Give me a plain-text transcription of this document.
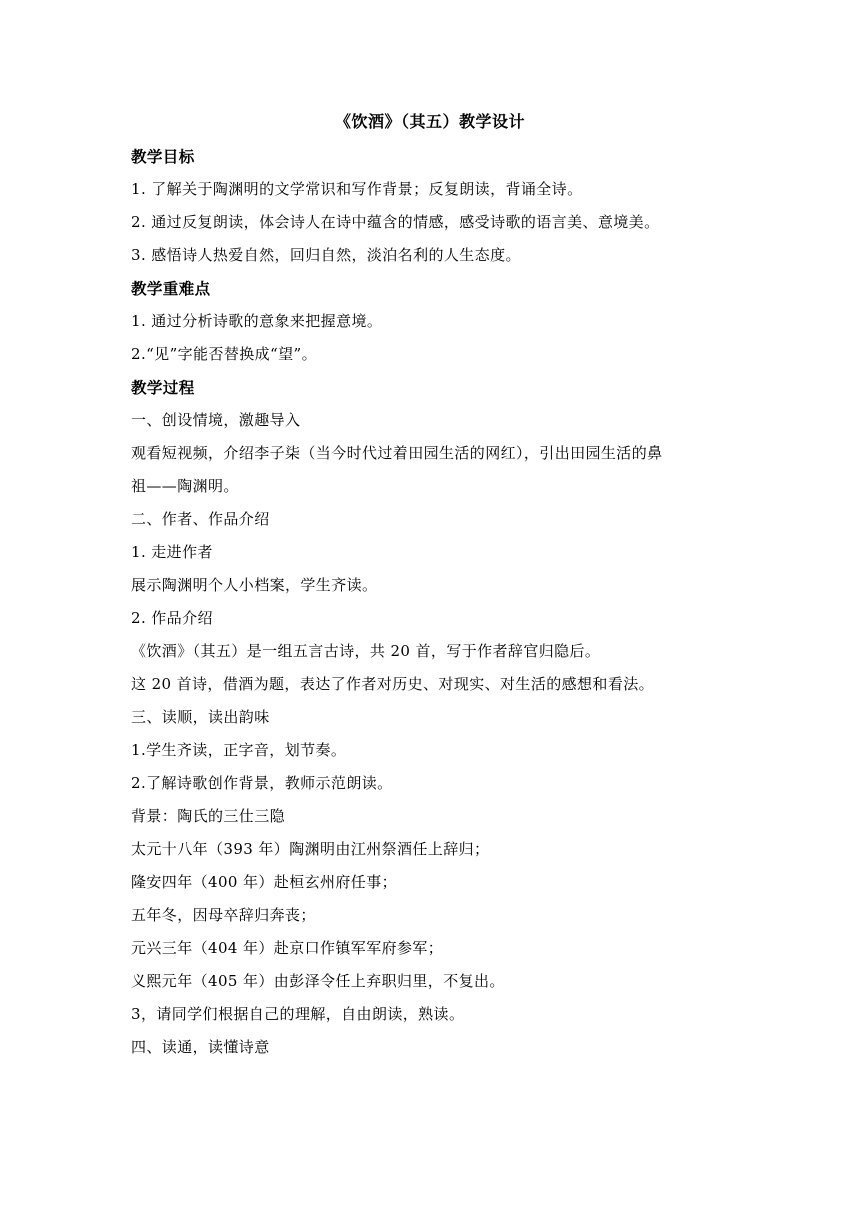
《饮酒》（其五）教学设计
教学目标
1. 了解关于陶渊明的文学常识和写作背景；反复朗读，背诵全诗。
2. 通过反复朗读，体会诗人在诗中蕴含的情感，感受诗歌的语言美、意境美。
3. 感悟诗人热爱自然，回归自然，淡泊名利的人生态度。
教学重难点
1. 通过分析诗歌的意象来把握意境。
2.“见”字能否替换成“望”。
教学过程
一、创设情境，激趣导入
观看短视频，介绍李子柒（当今时代过着田园生活的网红），引出田园生活的鼻
祖——陶渊明。
二、作者、作品介绍
1. 走进作者
展示陶渊明个人小档案，学生齐读。
2. 作品介绍
《饮酒》（其五）是一组五言古诗，共 20 首，写于作者辞官归隐后。
这 20 首诗，借酒为题，表达了作者对历史、对现实、对生活的感想和看法。
三、读顺，读出韵味
1.学生齐读，正字音，划节奏。
2.了解诗歌创作背景，教师示范朗读。
背景：陶氏的三仕三隐
太元十八年（393 年）陶渊明由江州祭酒任上辞归；
隆安四年（400 年）赴桓玄州府任事；
五年冬，因母卒辞归奔丧；
元兴三年（404 年）赴京口作镇军军府参军；
义熙元年（405 年）由彭泽令任上弃职归里，不复出。
3，请同学们根据自己的理解，自由朗读，熟读。
四、读通，读懂诗意
